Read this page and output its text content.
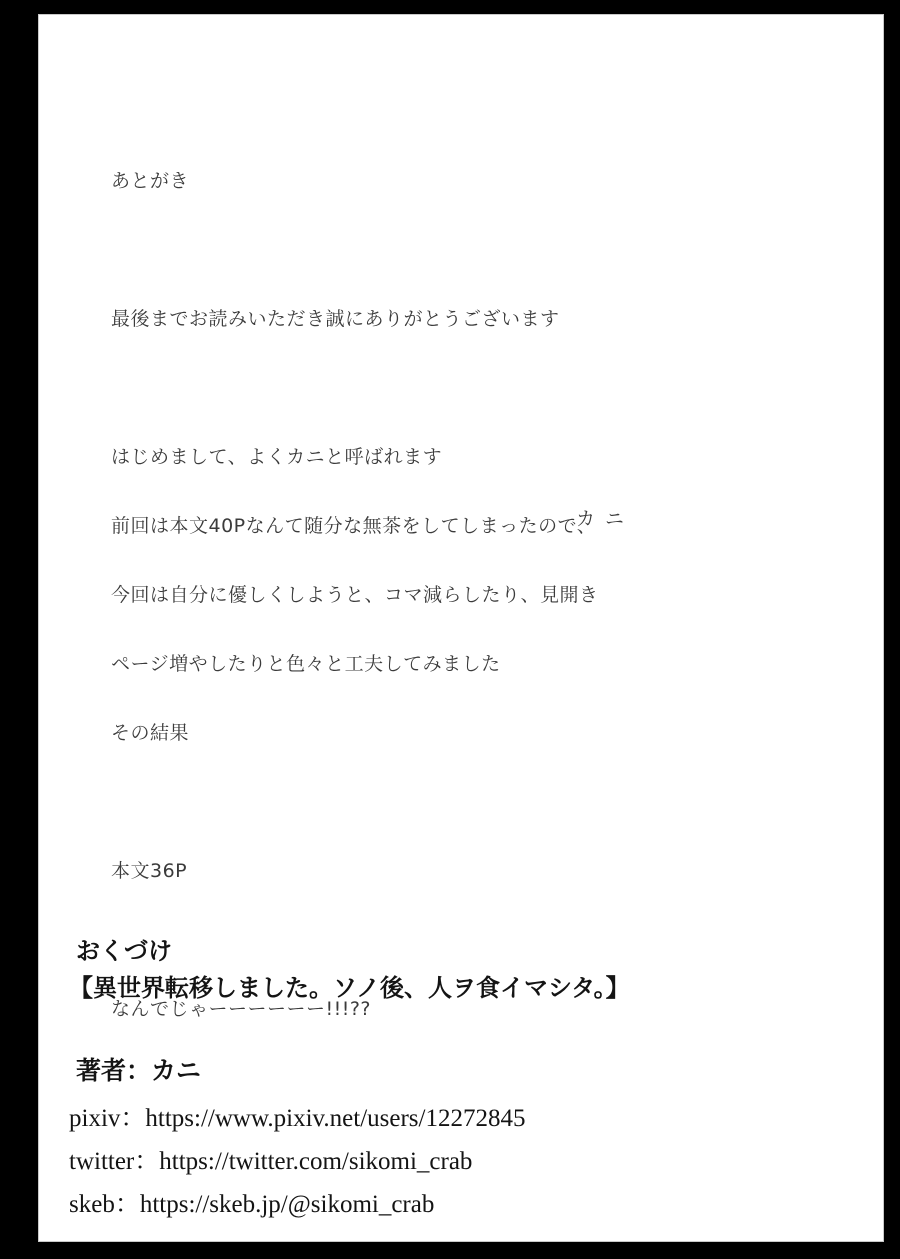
あとがき

最後までお読みいただき誠にありがとうございます

はじめまして、よくカニと呼ばれます

前回は本文40Pなんて随分な無茶をしてしまったので、

今回は自分に優しくしようと、コマ減らしたり、見開き

ページ増やしたりと色々と工夫してみました

その結果

本文36P

なんでじゃーーーーーー!!!??

カニ
おくづけ
【異世界転移しました。ソノ後、人ヲ食イマシタ。】
著者：カニ
pixiv：https://www.pixiv.net/users/12272845
twitter：https://twitter.com/sikomi_crab
skeb：https://skeb.jp/@sikomi_crab
